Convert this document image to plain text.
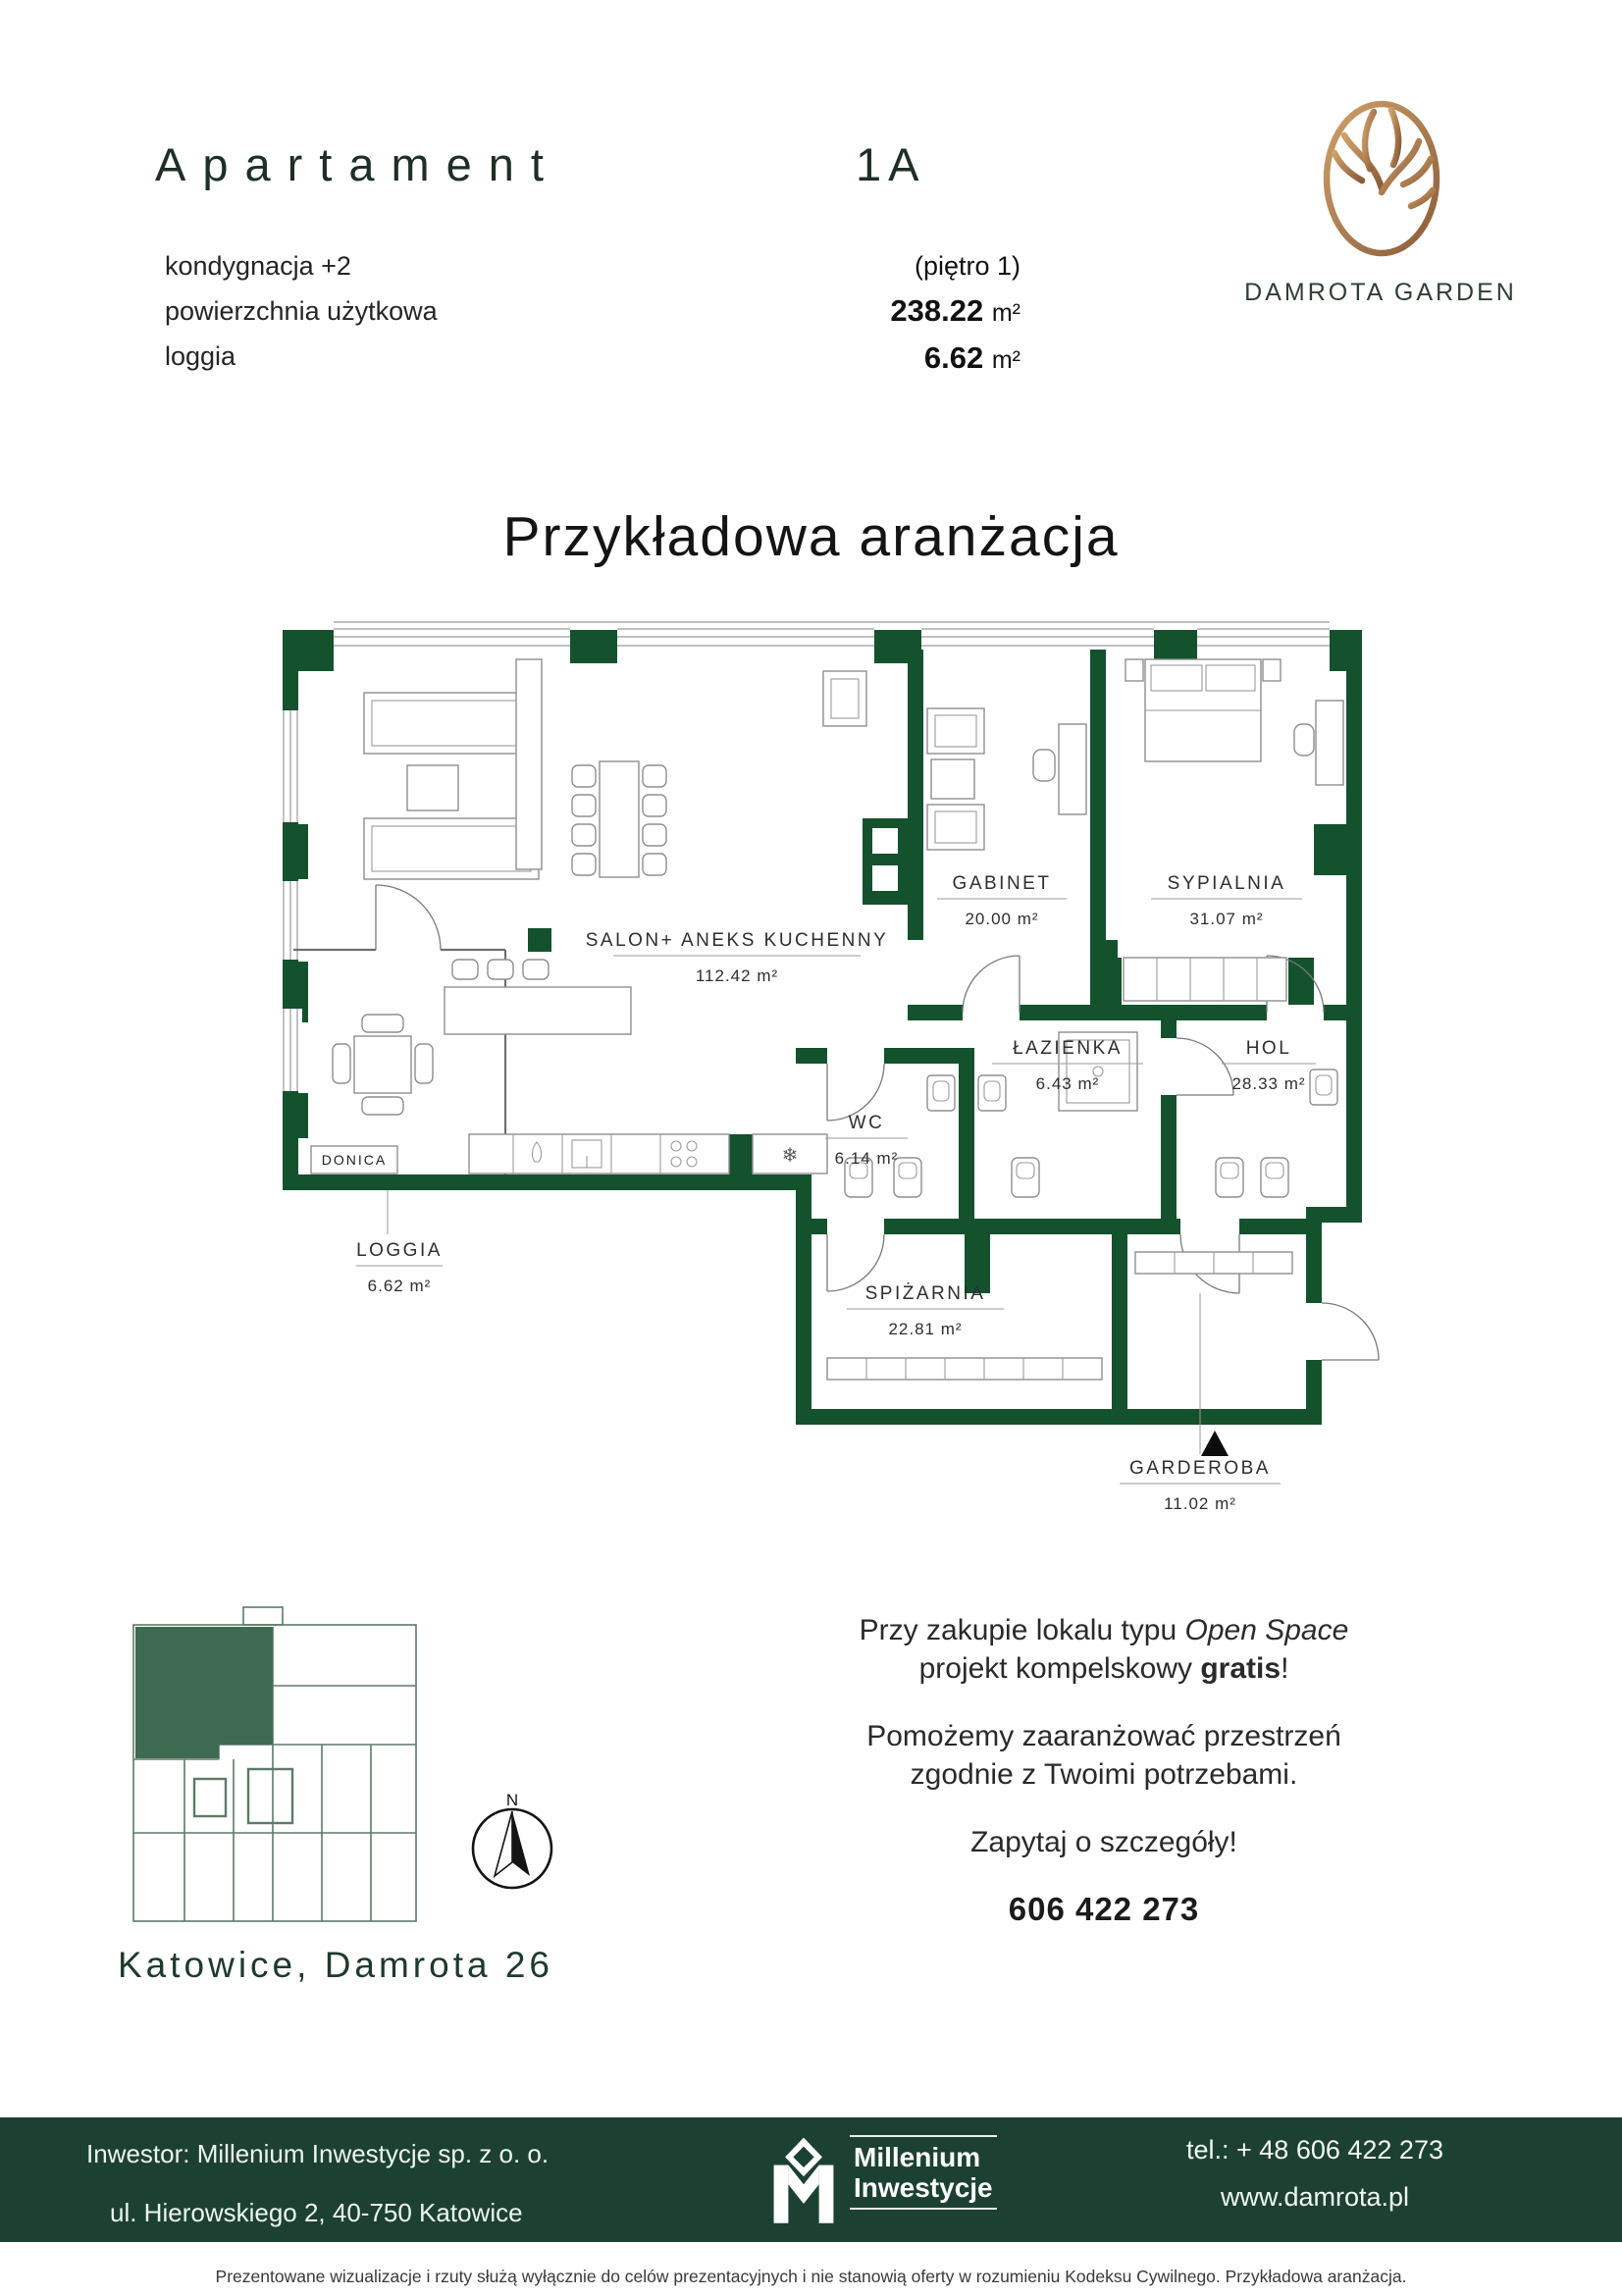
Apartament	1A
kondygnacja +2
powierzchnia użytkowa
loggia
(piętro 1)
238.22 m²
6.62 m²
DAMROTA GARDEN
Przykładowa aranżacja
❄
DONICA
SALON+ ANEKS KUCHENNY
112.42 m²
GABINET
20.00 m²
SYPIALNIA
31.07 m²
ŁAZIENKA
6.43 m²
HOL
28.33 m²
WC
6.14 m²
SPIŻARNIA
22.81 m²
GARDEROBA
11.02 m²
LOGGIA
6.62 m²
N
Katowice, Damrota 26
Przy zakupie lokalu typu Open Space
projekt kompelskowy gratis!
Pomożemy zaaranżować przestrzeń
zgodnie z Twoimi potrzebami.
Zapytaj o szczegóły!
606 422 273
Inwestor: Millenium Inwestycje sp. z o. o.
ul. Hierowskiego 2, 40-750 Katowice
Millenium
Inwestycje
tel.: + 48 606 422 273
www.damrota.pl
Prezentowane wizualizacje i rzuty służą wyłącznie do celów prezentacyjnych i nie stanowią oferty w rozumieniu Kodeksu Cywilnego. Przykładowa aranżacja.
